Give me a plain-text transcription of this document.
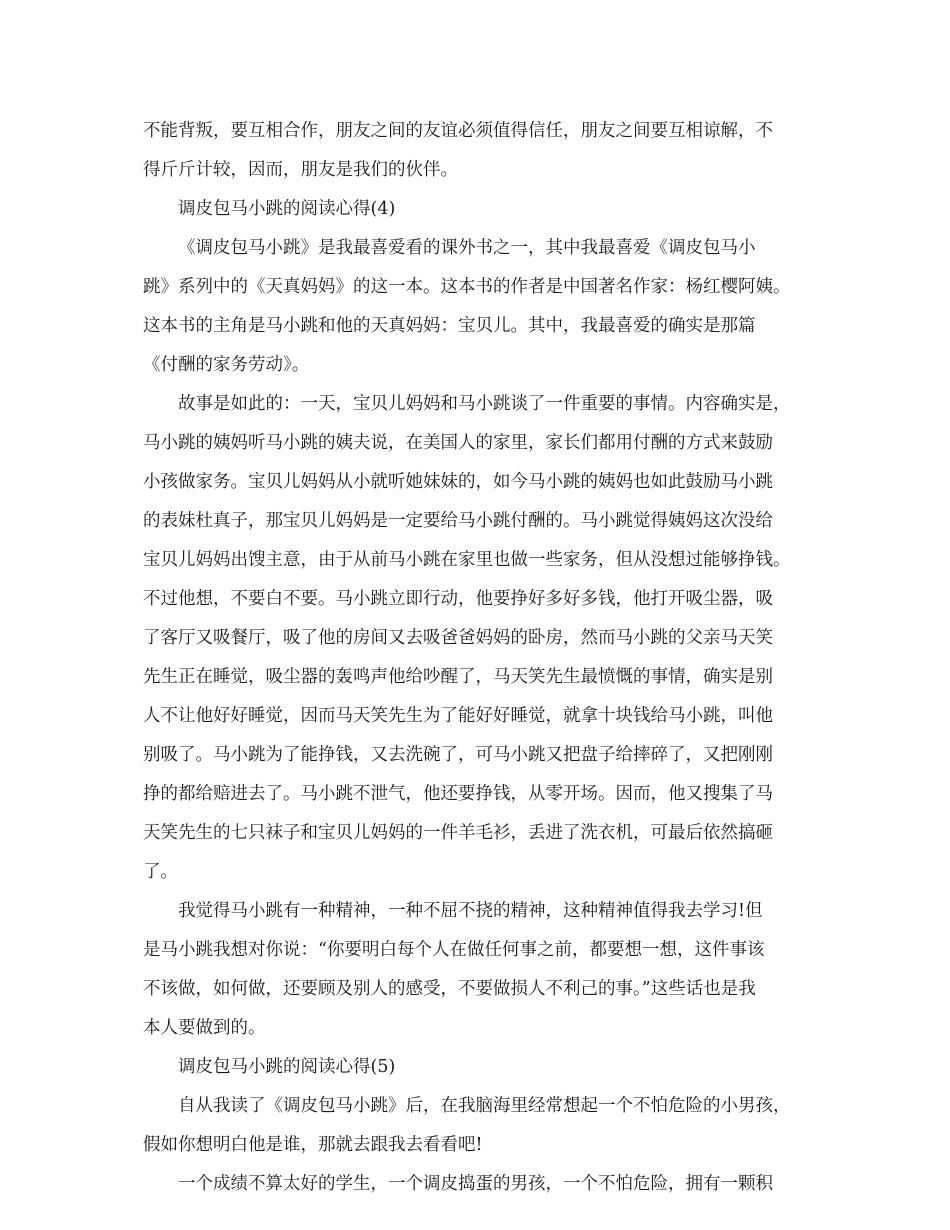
不能背叛，要互相合作，朋友之间的友谊必须值得信任，朋友之间要互相谅解，不
得斤斤计较，因而，朋友是我们的伙伴。
调皮包马小跳的阅读心得(4)
《调皮包马小跳》是我最喜爱看的课外书之一，其中我最喜爱《调皮包马小
跳》系列中的《天真妈妈》的这一本。这本书的作者是中国著名作家：杨红樱阿姨。
这本书的主角是马小跳和他的天真妈妈：宝贝儿。其中，我最喜爱的确实是那篇
《付酬的家务劳动》。
故事是如此的：一天，宝贝儿妈妈和马小跳谈了一件重要的事情。内容确实是，
马小跳的姨妈听马小跳的姨夫说，在美国人的家里，家长们都用付酬的方式来鼓励
小孩做家务。宝贝儿妈妈从小就听她妹妹的，如今马小跳的姨妈也如此鼓励马小跳
的表妹杜真子，那宝贝儿妈妈是一定要给马小跳付酬的。马小跳觉得姨妈这次没给
宝贝儿妈妈出馊主意，由于从前马小跳在家里也做一些家务，但从没想过能够挣钱。
不过他想，不要白不要。马小跳立即行动，他要挣好多好多钱，他打开吸尘器，吸
了客厅又吸餐厅，吸了他的房间又去吸爸爸妈妈的卧房，然而马小跳的父亲马天笑
先生正在睡觉，吸尘器的轰鸣声他给吵醒了，马天笑先生最愤慨的事情，确实是别
人不让他好好睡觉，因而马天笑先生为了能好好睡觉，就拿十块钱给马小跳，叫他
别吸了。马小跳为了能挣钱，又去洗碗了，可马小跳又把盘子给摔碎了，又把刚刚
挣的都给赔进去了。马小跳不泄气，他还要挣钱，从零开场。因而，他又搜集了马
天笑先生的七只袜子和宝贝儿妈妈的一件羊毛衫，丢进了洗衣机，可最后依然搞砸
了。
我觉得马小跳有一种精神，一种不屈不挠的精神，这种精神值得我去学习!但
是马小跳我想对你说：“你要明白每个人在做任何事之前，都要想一想，这件事该
不该做，如何做，还要顾及别人的感受，不要做损人不利己的事。”这些话也是我
本人要做到的。
调皮包马小跳的阅读心得(5)
自从我读了《调皮包马小跳》后，在我脑海里经常想起一个不怕危险的小男孩，
假如你想明白他是谁，那就去跟我去看看吧!
一个成绩不算太好的学生，一个调皮捣蛋的男孩，一个不怕危险，拥有一颗积
